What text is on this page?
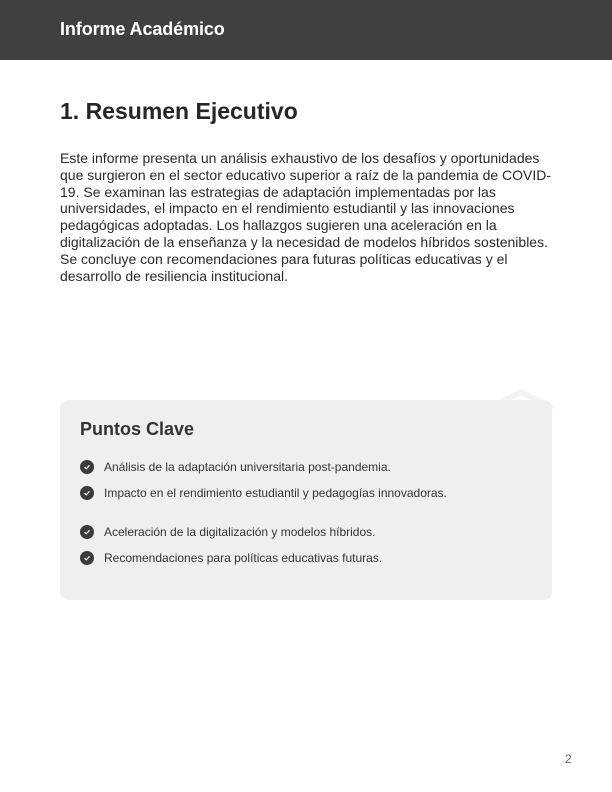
Informe Académico
1. Resumen Ejecutivo

Este informe presenta un análisis exhaustivo de los desafíos y oportunidades que surgieron en el sector educativo superior a raíz de la pandemia de COVID-19. Se examinan las estrategias de adaptación implementadas por las universidades, el impacto en el rendimiento estudiantil y las innovaciones pedagógicas adoptadas. Los hallazgos sugieren una aceleración en la digitalización de la enseñanza y la necesidad de modelos híbridos sostenibles. Se concluye con recomendaciones para futuras políticas educativas y el desarrollo de resiliencia institucional.

Puntos Clave
Análisis de la adaptación universitaria post-pandemia.
Impacto en el rendimiento estudiantil y pedagogías innovadoras.
Aceleración de la digitalización y modelos híbridos.
Recomendaciones para políticas educativas futuras.
2
